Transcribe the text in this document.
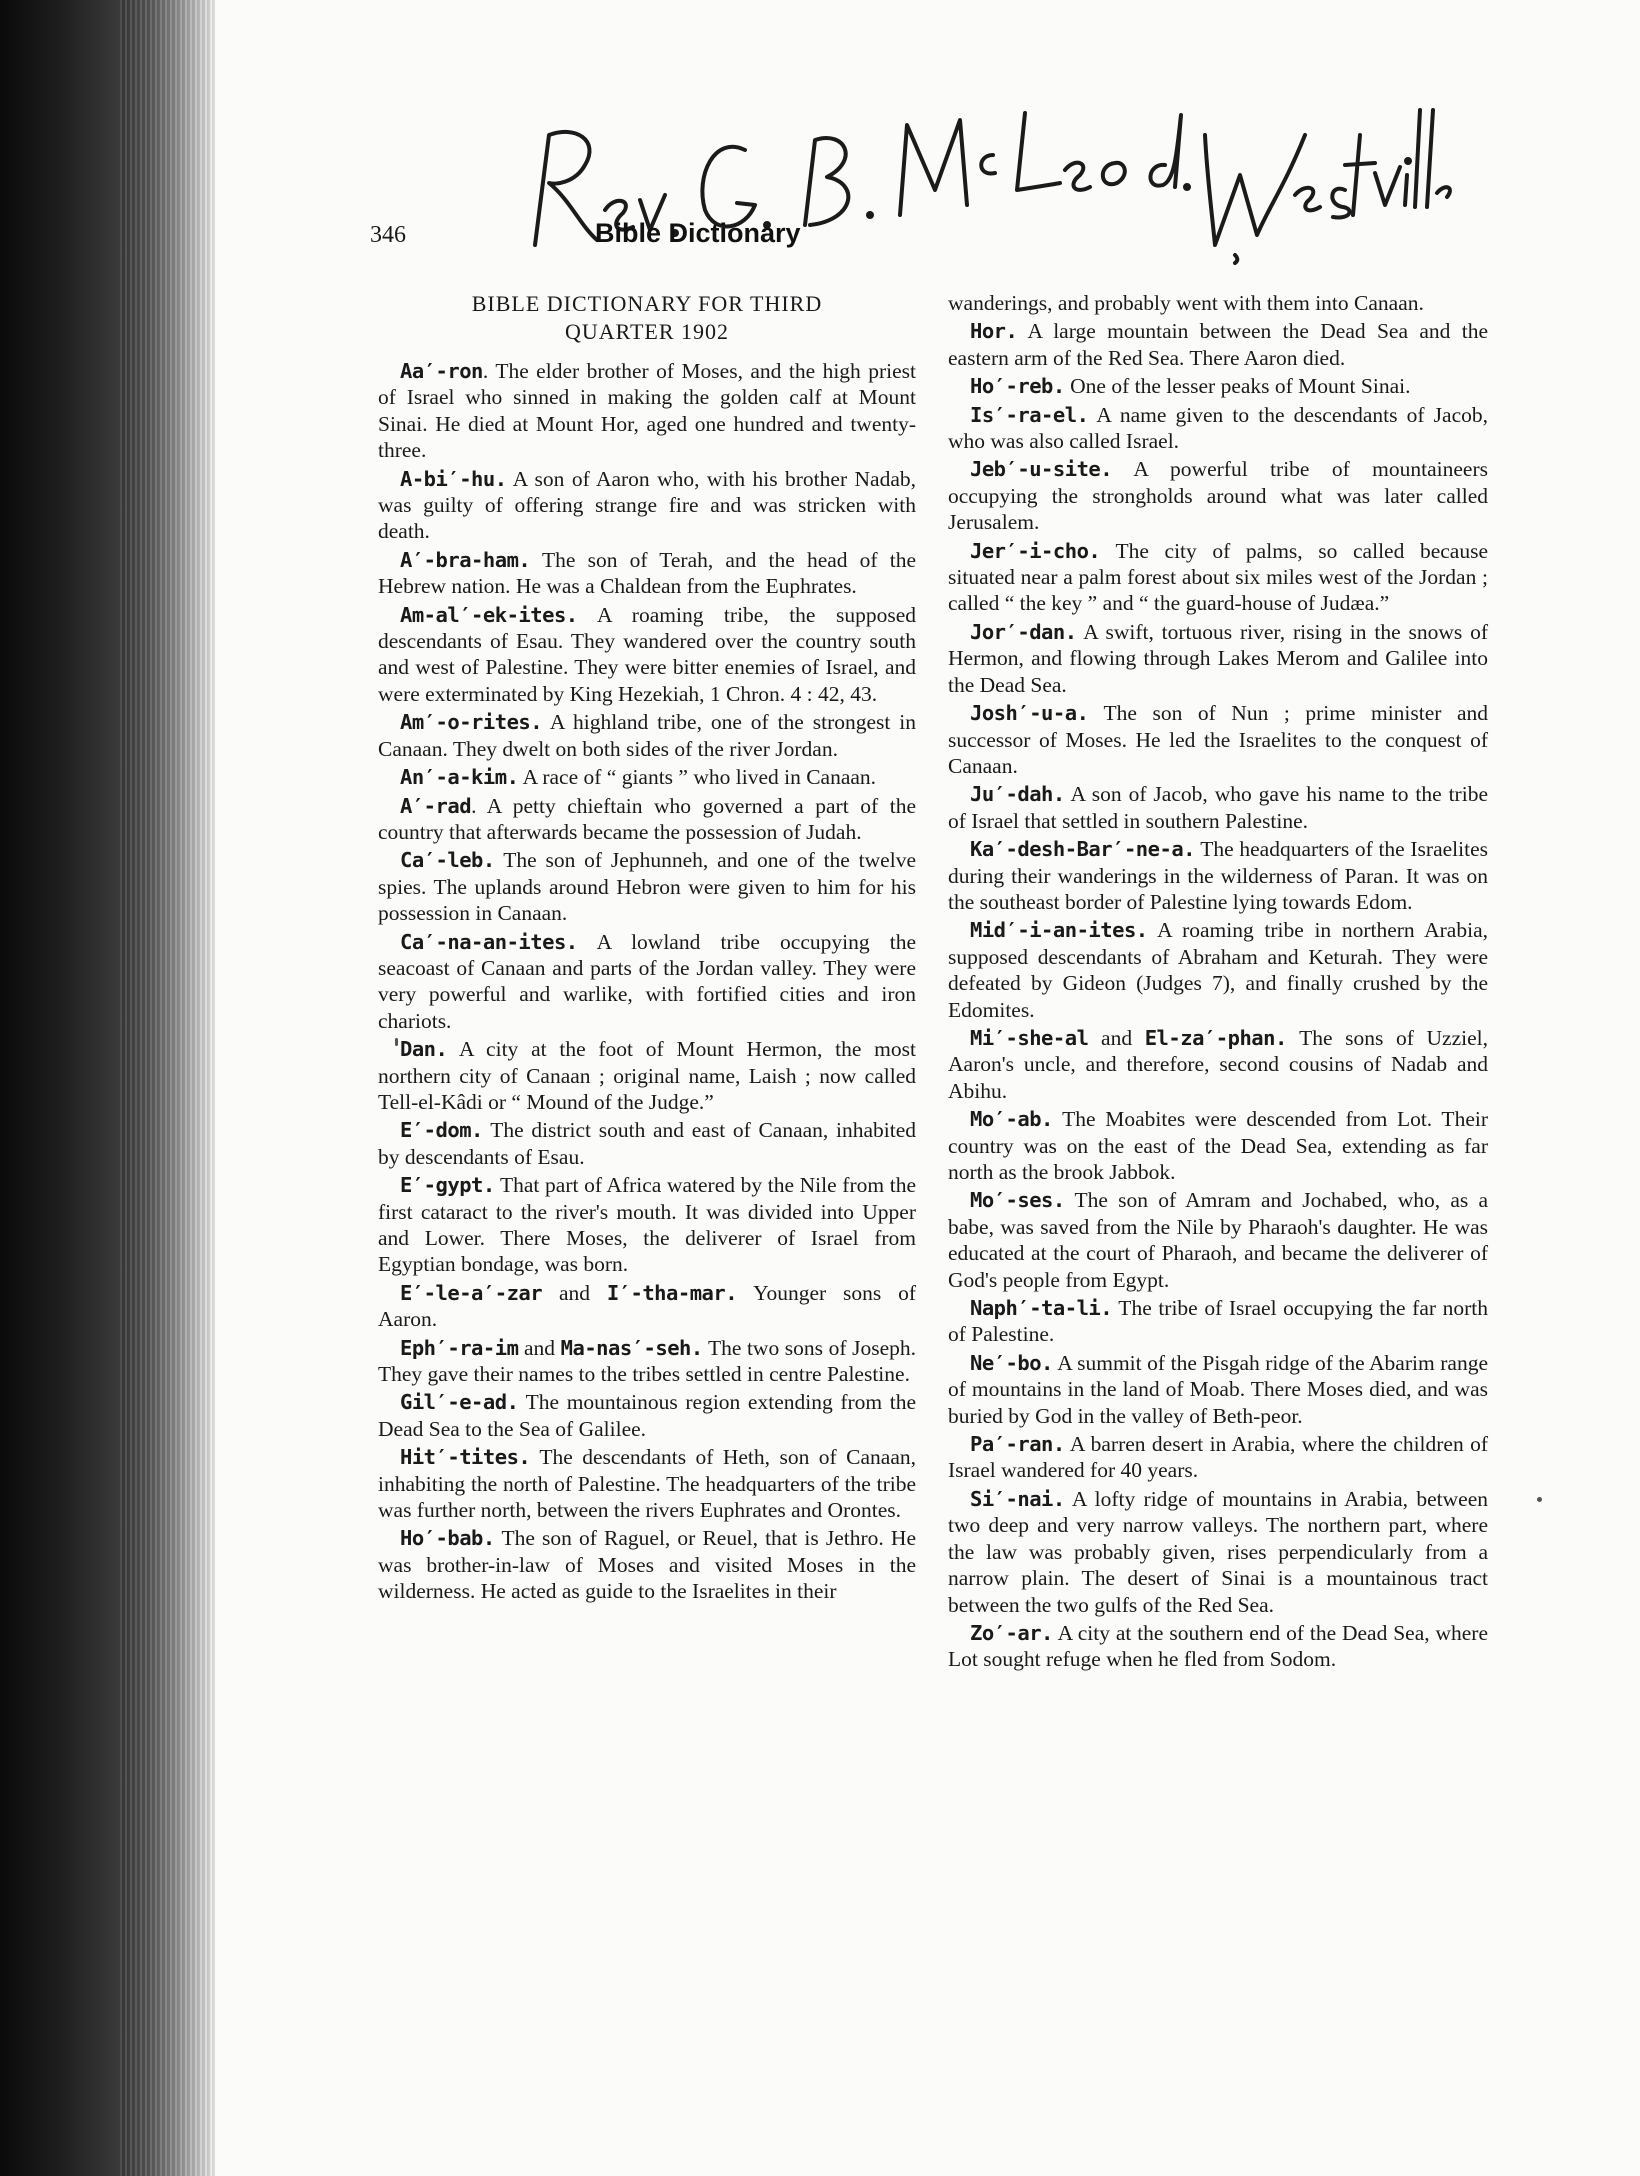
346	Bible Dictionary
BIBLE DICTIONARY FOR THIRD
QUARTER 1902
Aa′-ron. The elder brother of Moses, and the high priest of Israel who sinned in making the golden calf at Mount Sinai. He died at Mount Hor, aged one hundred and twenty-three.
A-bi′-hu. A son of Aaron who, with his brother Nadab, was guilty of offering strange fire and was stricken with death.
A′-bra-ham. The son of Terah, and the head of the Hebrew nation. He was a Chaldean from the Euphrates.
Am-al′-ek-ites. A roaming tribe, the supposed descendants of Esau. They wandered over the country south and west of Palestine. They were bitter enemies of Israel, and were exterminated by King Hezekiah, 1 Chron. 4 : 42, 43.
Am′-o-rites. A highland tribe, one of the strongest in Canaan. They dwelt on both sides of the river Jordan.
An′-a-kim. A race of “ giants ” who lived in Canaan.
A′-rad. A petty chieftain who governed a part of the country that afterwards became the possession of Judah.
Ca′-leb. The son of Jephunneh, and one of the twelve spies. The uplands around Hebron were given to him for his possession in Canaan.
Ca′-na-an-ites. A lowland tribe occupying the seacoast of Canaan and parts of the Jordan valley. They were very powerful and warlike, with fortified cities and iron chariots.
Dan. A city at the foot of Mount Hermon, the most northern city of Canaan ; original name, Laish ; now called Tell-el-Kâdi or “ Mound of the Judge.”
E′-dom. The district south and east of Canaan, inhabited by descendants of Esau.
E′-gypt. That part of Africa watered by the Nile from the first cataract to the river's mouth. It was divided into Upper and Lower. There Moses, the deliverer of Israel from Egyptian bondage, was born.
E′-le-a′-zar and I′-tha-mar. Younger sons of Aaron.
Eph′-ra-im and Ma-nas′-seh. The two sons of Joseph. They gave their names to the tribes settled in centre Palestine.
Gil′-e-ad. The mountainous region extending from the Dead Sea to the Sea of Galilee.
Hit′-tites. The descendants of Heth, son of Canaan, inhabiting the north of Palestine. The headquarters of the tribe was further north, between the rivers Euphrates and Orontes.
Ho′-bab. The son of Raguel, or Reuel, that is Jethro. He was brother-in-law of Moses and visited Moses in the wilderness. He acted as guide to the Israelites in their
wanderings, and probably went with them into Canaan.
Hor. A large mountain between the Dead Sea and the eastern arm of the Red Sea. There Aaron died.
Ho′-reb. One of the lesser peaks of Mount Sinai.
Is′-ra-el. A name given to the descendants of Jacob, who was also called Israel.
Jeb′-u-site. A powerful tribe of mountaineers occupying the strongholds around what was later called Jerusalem.
Jer′-i-cho. The city of palms, so called because situated near a palm forest about six miles west of the Jordan ; called “ the key ” and “ the guard-house of Judæa.”
Jor′-dan. A swift, tortuous river, rising in the snows of Hermon, and flowing through Lakes Merom and Galilee into the Dead Sea.
Josh′-u-a. The son of Nun ; prime minister and successor of Moses. He led the Israelites to the conquest of Canaan.
Ju′-dah. A son of Jacob, who gave his name to the tribe of Israel that settled in southern Palestine.
Ka′-desh-Bar′-ne-a. The headquarters of the Israelites during their wanderings in the wilderness of Paran. It was on the southeast border of Palestine lying towards Edom.
Mid′-i-an-ites. A roaming tribe in northern Arabia, supposed descendants of Abraham and Keturah. They were defeated by Gideon (Judges 7), and finally crushed by the Edomites.
Mi′-she-al and El-za′-phan. The sons of Uzziel, Aaron's uncle, and therefore, second cousins of Nadab and Abihu.
Mo′-ab. The Moabites were descended from Lot. Their country was on the east of the Dead Sea, extending as far north as the brook Jabbok.
Mo′-ses. The son of Amram and Jochabed, who, as a babe, was saved from the Nile by Pharaoh's daughter. He was educated at the court of Pharaoh, and became the deliverer of God's people from Egypt.
Naph′-ta-li. The tribe of Israel occupying the far north of Palestine.
Ne′-bo. A summit of the Pisgah ridge of the Abarim range of mountains in the land of Moab. There Moses died, and was buried by God in the valley of Beth-peor.
Pa′-ran. A barren desert in Arabia, where the children of Israel wandered for 40 years.
Si′-nai. A lofty ridge of mountains in Arabia, between two deep and very narrow valleys. The northern part, where the law was probably given, rises perpendicularly from a narrow plain. The desert of Sinai is a mountainous tract between the two gulfs of the Red Sea.
Zo′-ar. A city at the southern end of the Dead Sea, where Lot sought refuge when he fled from Sodom.
